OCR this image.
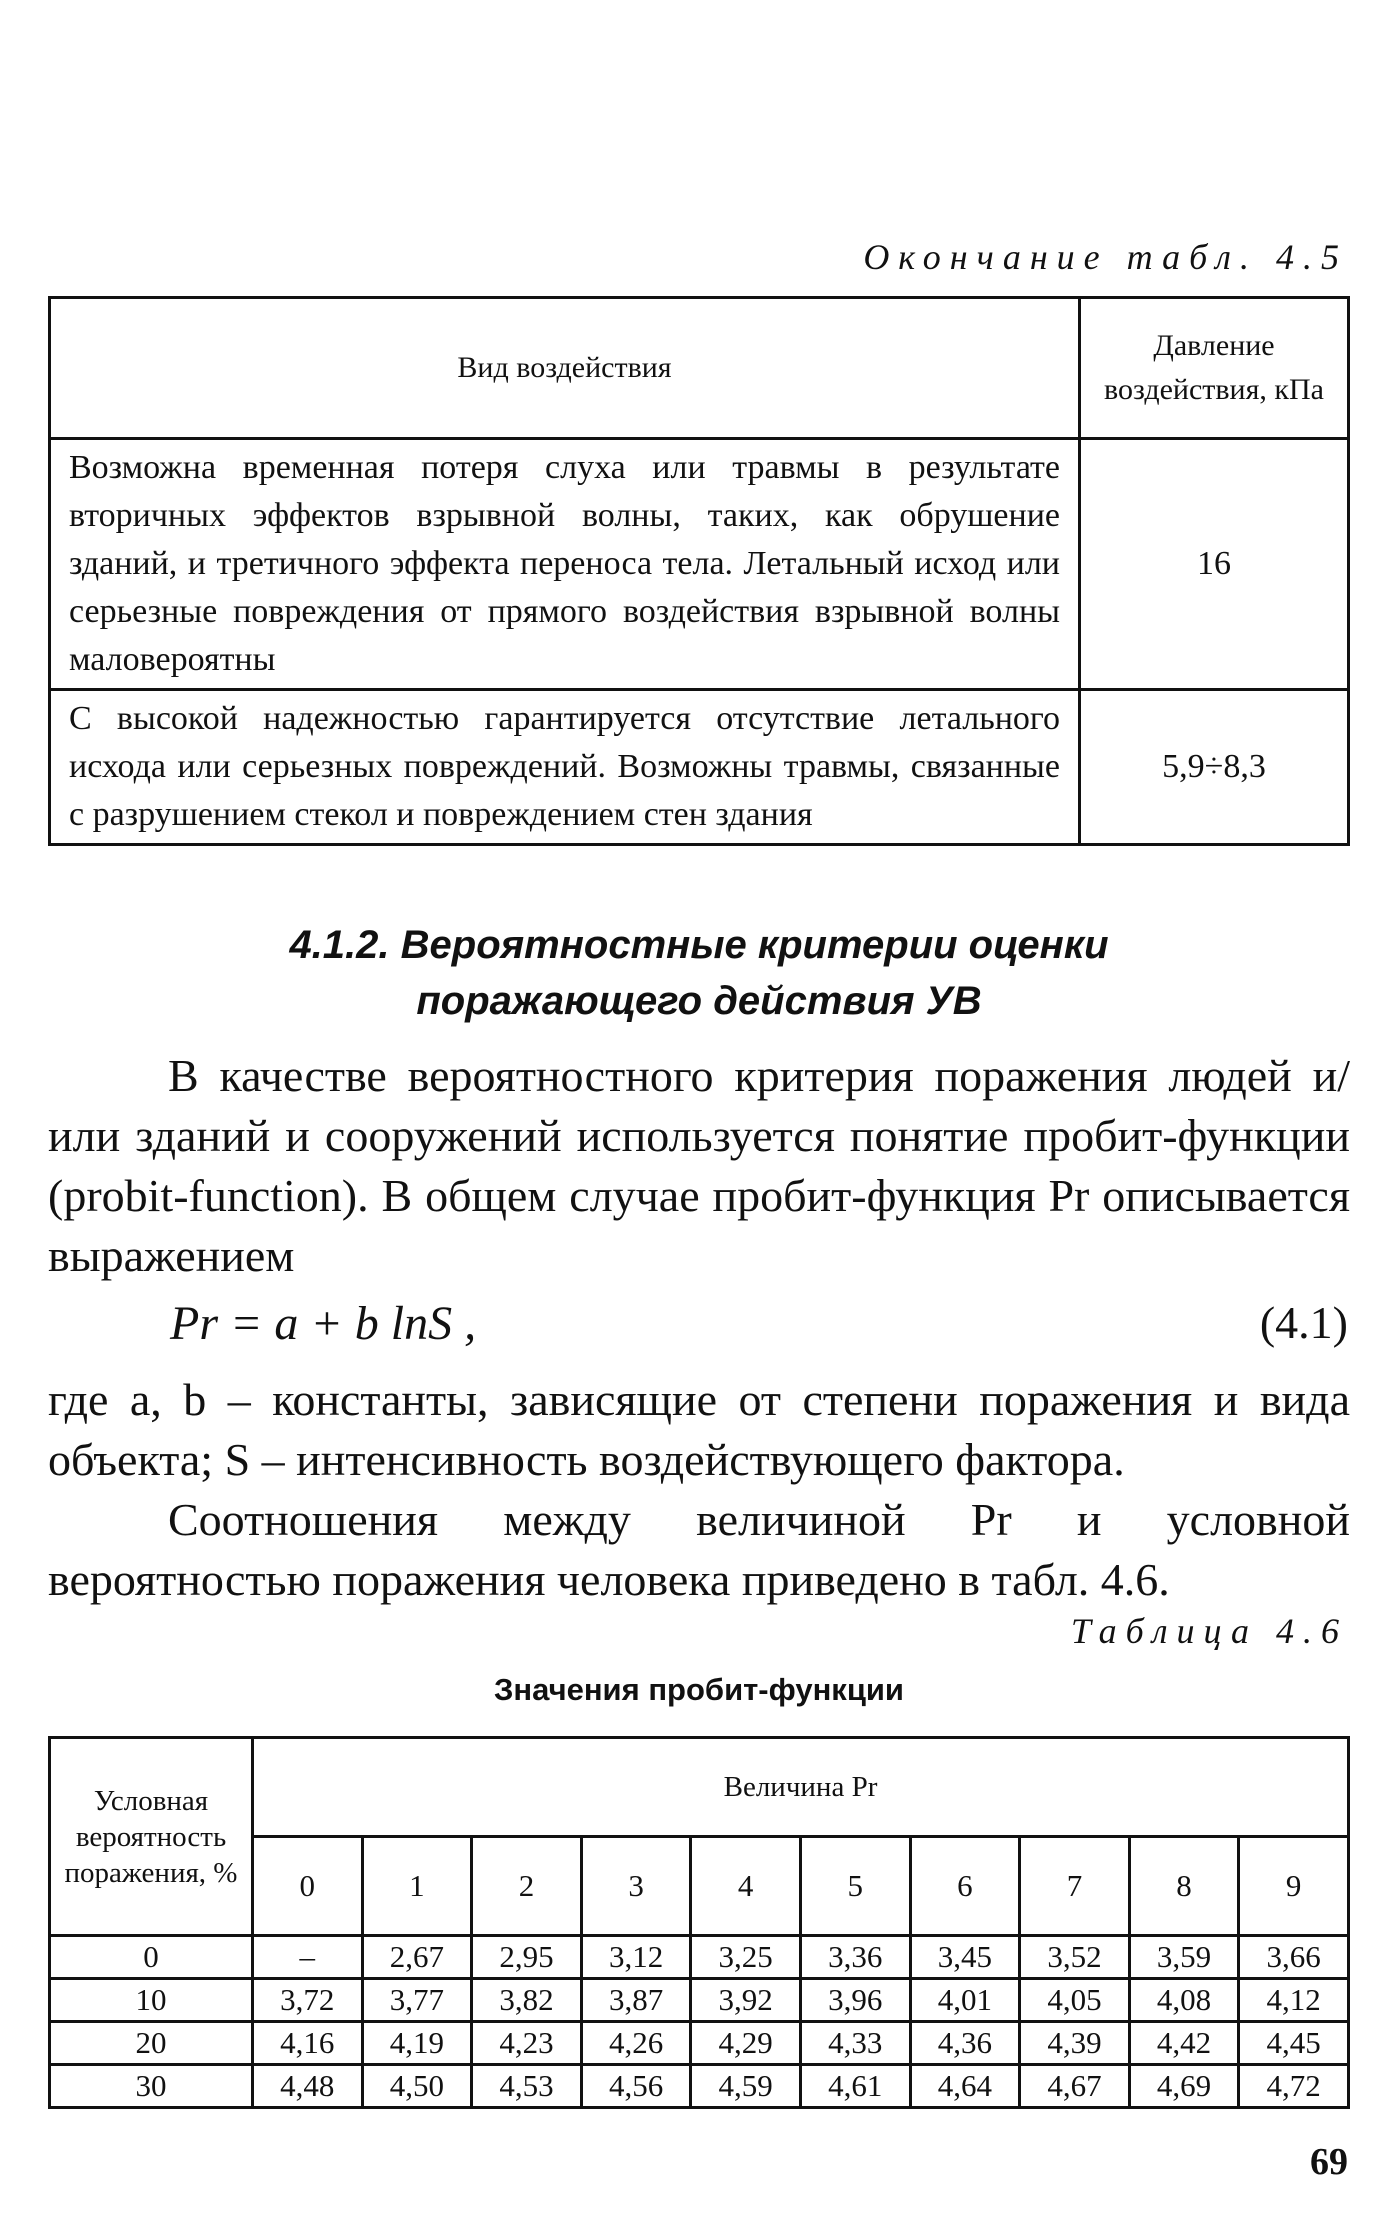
Окончание табл. 4.5
Вид воздействия	Давление воздействия, кПа
Возможна временная потеря слуха или травмы в результате вторичных эффектов взрывной волны, таких, как обрушение зданий, и третичного эффекта переноса тела. Летальный исход или серьезные повреждения от прямого воздействия взрывной волны маловероятны	16
С высокой надежностью гарантируется отсутствие летального исхода или серьезных повреждений. Возможны травмы, связанные с разрушением стекол и повреждением стен здания	5,9÷8,3
4.1.2. Вероятностные критерии оценки
поражающего действия УВ

В качестве вероятностного критерия поражения людей и/или зданий и сооружений используется понятие пробит-функции (probit-function). В общем случае пробит-функция Pr описывается выражением

Pr = a + b lnS ,	(4.1)

где a, b – константы, зависящие от степени поражения и вида объекта; S – интенсивность воздействующего фактора.

Соотношения между величиной Pr и условной вероятностью поражения человека приведено в табл. 4.6.

Таблица 4.6
Значения пробит-функции
Условная вероятность поражения, %	Величина Pr									
	0	1	2	3	4	5	6	7	8	9
0	–	2,67	2,95	3,12	3,25	3,36	3,45	3,52	3,59	3,66
10	3,72	3,77	3,82	3,87	3,92	3,96	4,01	4,05	4,08	4,12
20	4,16	4,19	4,23	4,26	4,29	4,33	4,36	4,39	4,42	4,45
30	4,48	4,50	4,53	4,56	4,59	4,61	4,64	4,67	4,69	4,72
69
